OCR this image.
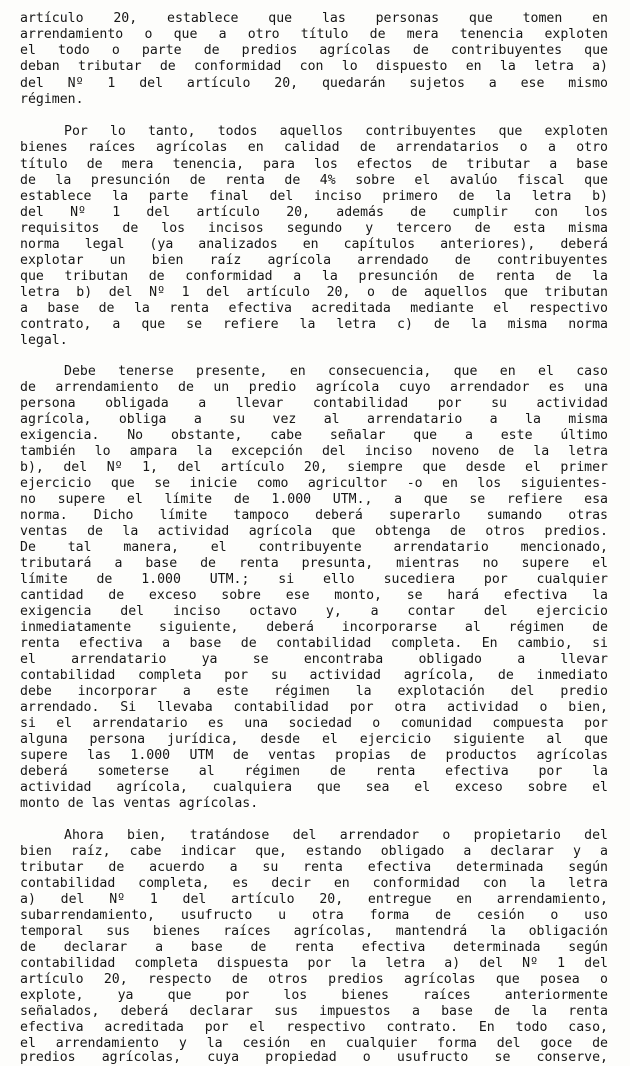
artículo 20, establece que las personas que tomen en

arrendamiento o que a otro título de mera tenencia exploten

el todo o parte de predios agrícolas de contribuyentes que

deban tributar de conformidad con lo dispuesto en la letra a)

del Nº 1 del artículo 20, quedarán sujetos a ese mismo

régimen.

Por lo tanto, todos aquellos contribuyentes que exploten

bienes raíces agrícolas en calidad de arrendatarios o a otro

título de mera tenencia, para los efectos de tributar a base

de la presunción de renta de 4% sobre el avalúo fiscal que

establece la parte final del inciso primero de la letra b)

del Nº 1 del artículo 20, además de cumplir con los

requisitos de los incisos segundo y tercero de esta misma

norma legal (ya analizados en capítulos anteriores), deberá

explotar un bien raíz agrícola arrendado de contribuyentes

que tributan de conformidad a la presunción de renta de la

letra b) del Nº 1 del artículo 20, o de aquellos que tributan

a base de la renta efectiva acreditada mediante el respectivo

contrato, a que se refiere la letra c) de la misma norma

legal.

Debe tenerse presente, en consecuencia, que en el caso

de arrendamiento de un predio agrícola cuyo arrendador es una

persona obligada a llevar contabilidad por su actividad

agrícola, obliga a su vez al arrendatario a la misma

exigencia. No obstante, cabe señalar que a este último

también lo ampara la excepción del inciso noveno de la letra

b), del Nº 1, del artículo 20, siempre que desde el primer

ejercicio que se inicie como agricultor -o en los siguientes-

no supere el límite de 1.000 UTM., a que se refiere esa

norma. Dicho límite tampoco deberá superarlo sumando otras

ventas de la actividad agrícola que obtenga de otros predios.

De tal manera, el contribuyente arrendatario mencionado,

tributará a base de renta presunta, mientras no supere el

límite de 1.000 UTM.; si ello sucediera por cualquier

cantidad de exceso sobre ese monto, se hará efectiva la

exigencia del inciso octavo y, a contar del ejercicio

inmediatamente siguiente, deberá incorporarse al régimen de

renta efectiva a base de contabilidad completa. En cambio, si

el arrendatario ya se encontraba obligado a llevar

contabilidad completa por su actividad agrícola, de inmediato

debe incorporar a este régimen la explotación del predio

arrendado. Si llevaba contabilidad por otra actividad o bien,

si el arrendatario es una sociedad o comunidad compuesta por

alguna persona jurídica, desde el ejercicio siguiente al que

supere las 1.000 UTM de ventas propias de productos agrícolas

deberá someterse al régimen de renta efectiva por la

actividad agrícola, cualquiera que sea el exceso sobre el

monto de las ventas agrícolas.

Ahora bien, tratándose del arrendador o propietario del

bien raíz, cabe indicar que, estando obligado a declarar y a

tributar de acuerdo a su renta efectiva determinada según

contabilidad completa, es decir en conformidad con la letra

a) del Nº 1 del artículo 20, entregue en arrendamiento,

subarrendamiento, usufructo u otra forma de cesión o uso

temporal sus bienes raíces agrícolas, mantendrá la obligación

de declarar a base de renta efectiva determinada según

contabilidad completa dispuesta por la letra a) del Nº 1 del

artículo 20, respecto de otros predios agrícolas que posea o

explote, ya que por los bienes raíces anteriormente

señalados, deberá declarar sus impuestos a base de la renta

efectiva acreditada por el respectivo contrato. En todo caso,

el arrendamiento y la cesión en cualquier forma del goce de

predios agrícolas, cuya propiedad o usufructo se conserve,
